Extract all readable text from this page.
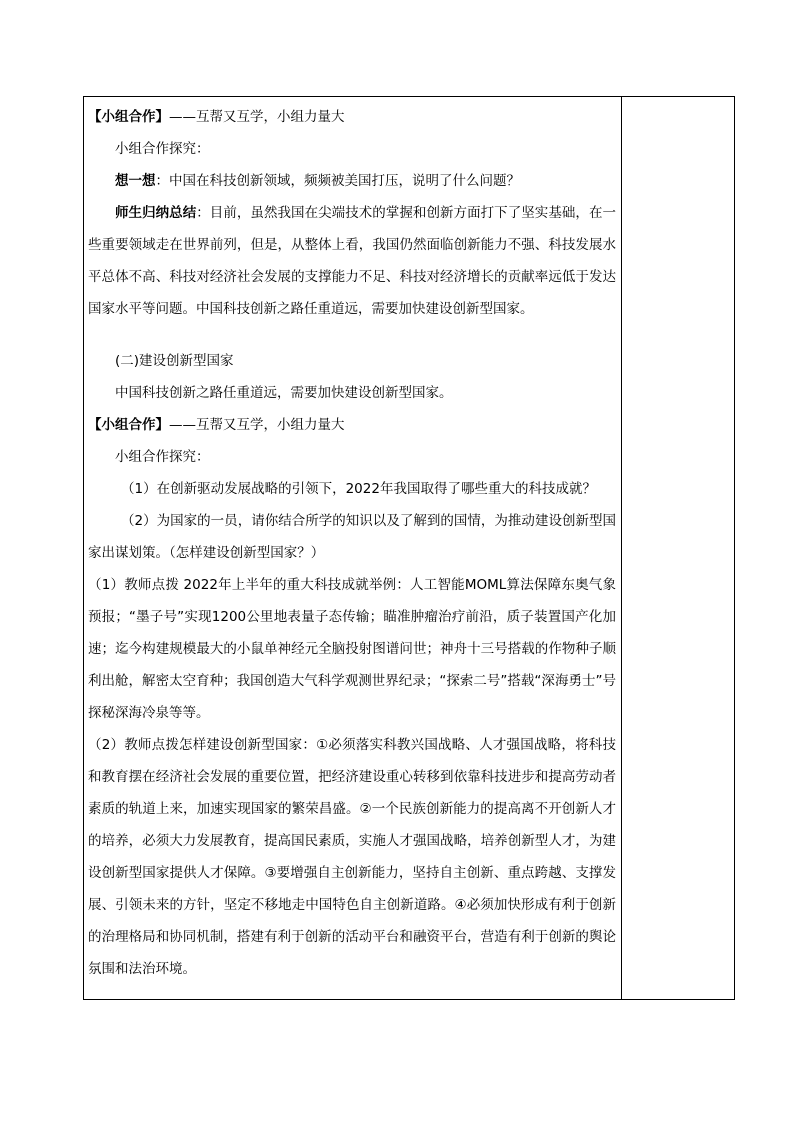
【小组合作】——互帮又互学，小组力量大
小组合作探究：
想一想：中国在科技创新领域，频频被美国打压，说明了什么问题？
师生归纳总结：目前，虽然我国在尖端技术的掌握和创新方面打下了坚实基础，在一些重要领域走在世界前列，但是，从整体上看，我国仍然面临创新能力不强、科技发展水平总体不高、科技对经济社会发展的支撑能力不足、科技对经济增长的贡献率远低于发达国家水平等问题。中国科技创新之路任重道远，需要加快建设创新型国家。
(二)建设创新型国家
中国科技创新之路任重道远，需要加快建设创新型国家。
【小组合作】——互帮又互学，小组力量大
小组合作探究：
（1）在创新驱动发展战略的引领下，2022年我国取得了哪些重大的科技成就？
（2）为国家的一员，请你结合所学的知识以及了解到的国情，为推动建设创新型国家出谋划策。（怎样建设创新型国家？）
（1）教师点拨 2022年上半年的重大科技成就举例：人工智能MOML算法保障东奥气象预报；“墨子号”实现1200公里地表量子态传输；瞄准肿瘤治疗前沿，质子装置国产化加速；迄今构建规模最大的小鼠单神经元全脑投射图谱问世；神舟十三号搭载的作物种子顺利出舱，解密太空育种；我国创造大气科学观测世界纪录；“探索二号”搭载“深海勇士”号探秘深海冷泉等等。
（2）教师点拨怎样建设创新型国家：①必须落实科教兴国战略、人才强国战略，将科技和教育摆在经济社会发展的重要位置，把经济建设重心转移到依靠科技进步和提高劳动者素质的轨道上来，加速实现国家的繁荣昌盛。②一个民族创新能力的提高离不开创新人才的培养，必须大力发展教育，提高国民素质，实施人才强国战略，培养创新型人才，为建设创新型国家提供人才保障。③要增强自主创新能力，坚持自主创新、重点跨越、支撑发展、引领未来的方针，坚定不移地走中国特色自主创新道路。④必须加快形成有利于创新的治理格局和协同机制，搭建有利于创新的活动平台和融资平台，营造有利于创新的舆论氛围和法治环境。
